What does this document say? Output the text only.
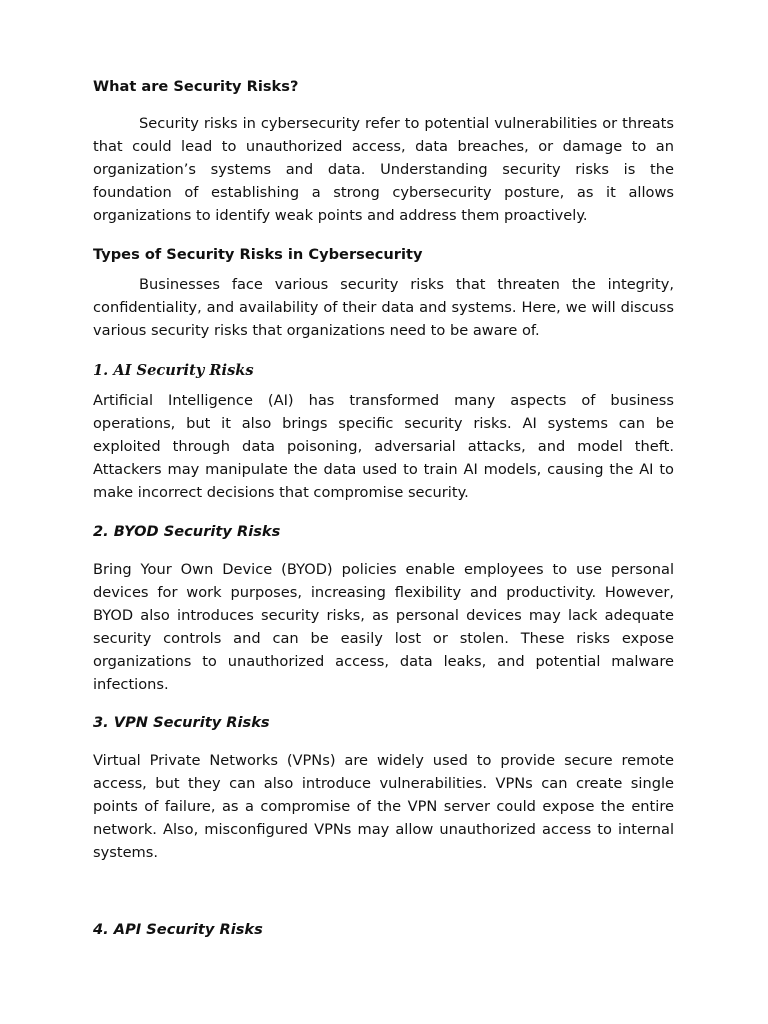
What are Security Risks?

Security risks in cybersecurity refer to potential vulnerabilities or threats that could lead to unauthorized access, data breaches, or damage to an organization’s systems and data. Understanding security risks is the foundation of establishing a strong cybersecurity posture, as it allows organizations to identify weak points and address them proactively.

Types of Security Risks in Cybersecurity

Businesses face various security risks that threaten the integrity, confidentiality, and availability of their data and systems. Here, we will discuss various security risks that organizations need to be aware of.

1. AI Security Risks

Artificial Intelligence (AI) has transformed many aspects of business operations, but it also brings specific security risks. AI systems can be exploited through data poisoning, adversarial attacks, and model theft. Attackers may manipulate the data used to train AI models, causing the AI to make incorrect decisions that compromise security.

2. BYOD Security Risks

Bring Your Own Device (BYOD) policies enable employees to use personal devices for work purposes, increasing flexibility and productivity. However, BYOD also introduces security risks, as personal devices may lack adequate security controls and can be easily lost or stolen. These risks expose organizations to unauthorized access, data leaks, and potential malware infections.

3. VPN Security Risks

Virtual Private Networks (VPNs) are widely used to provide secure remote access, but they can also introduce vulnerabilities. VPNs can create single points of failure, as a compromise of the VPN server could expose the entire network. Also, misconfigured VPNs may allow unauthorized access to internal systems.

4. API Security Risks
